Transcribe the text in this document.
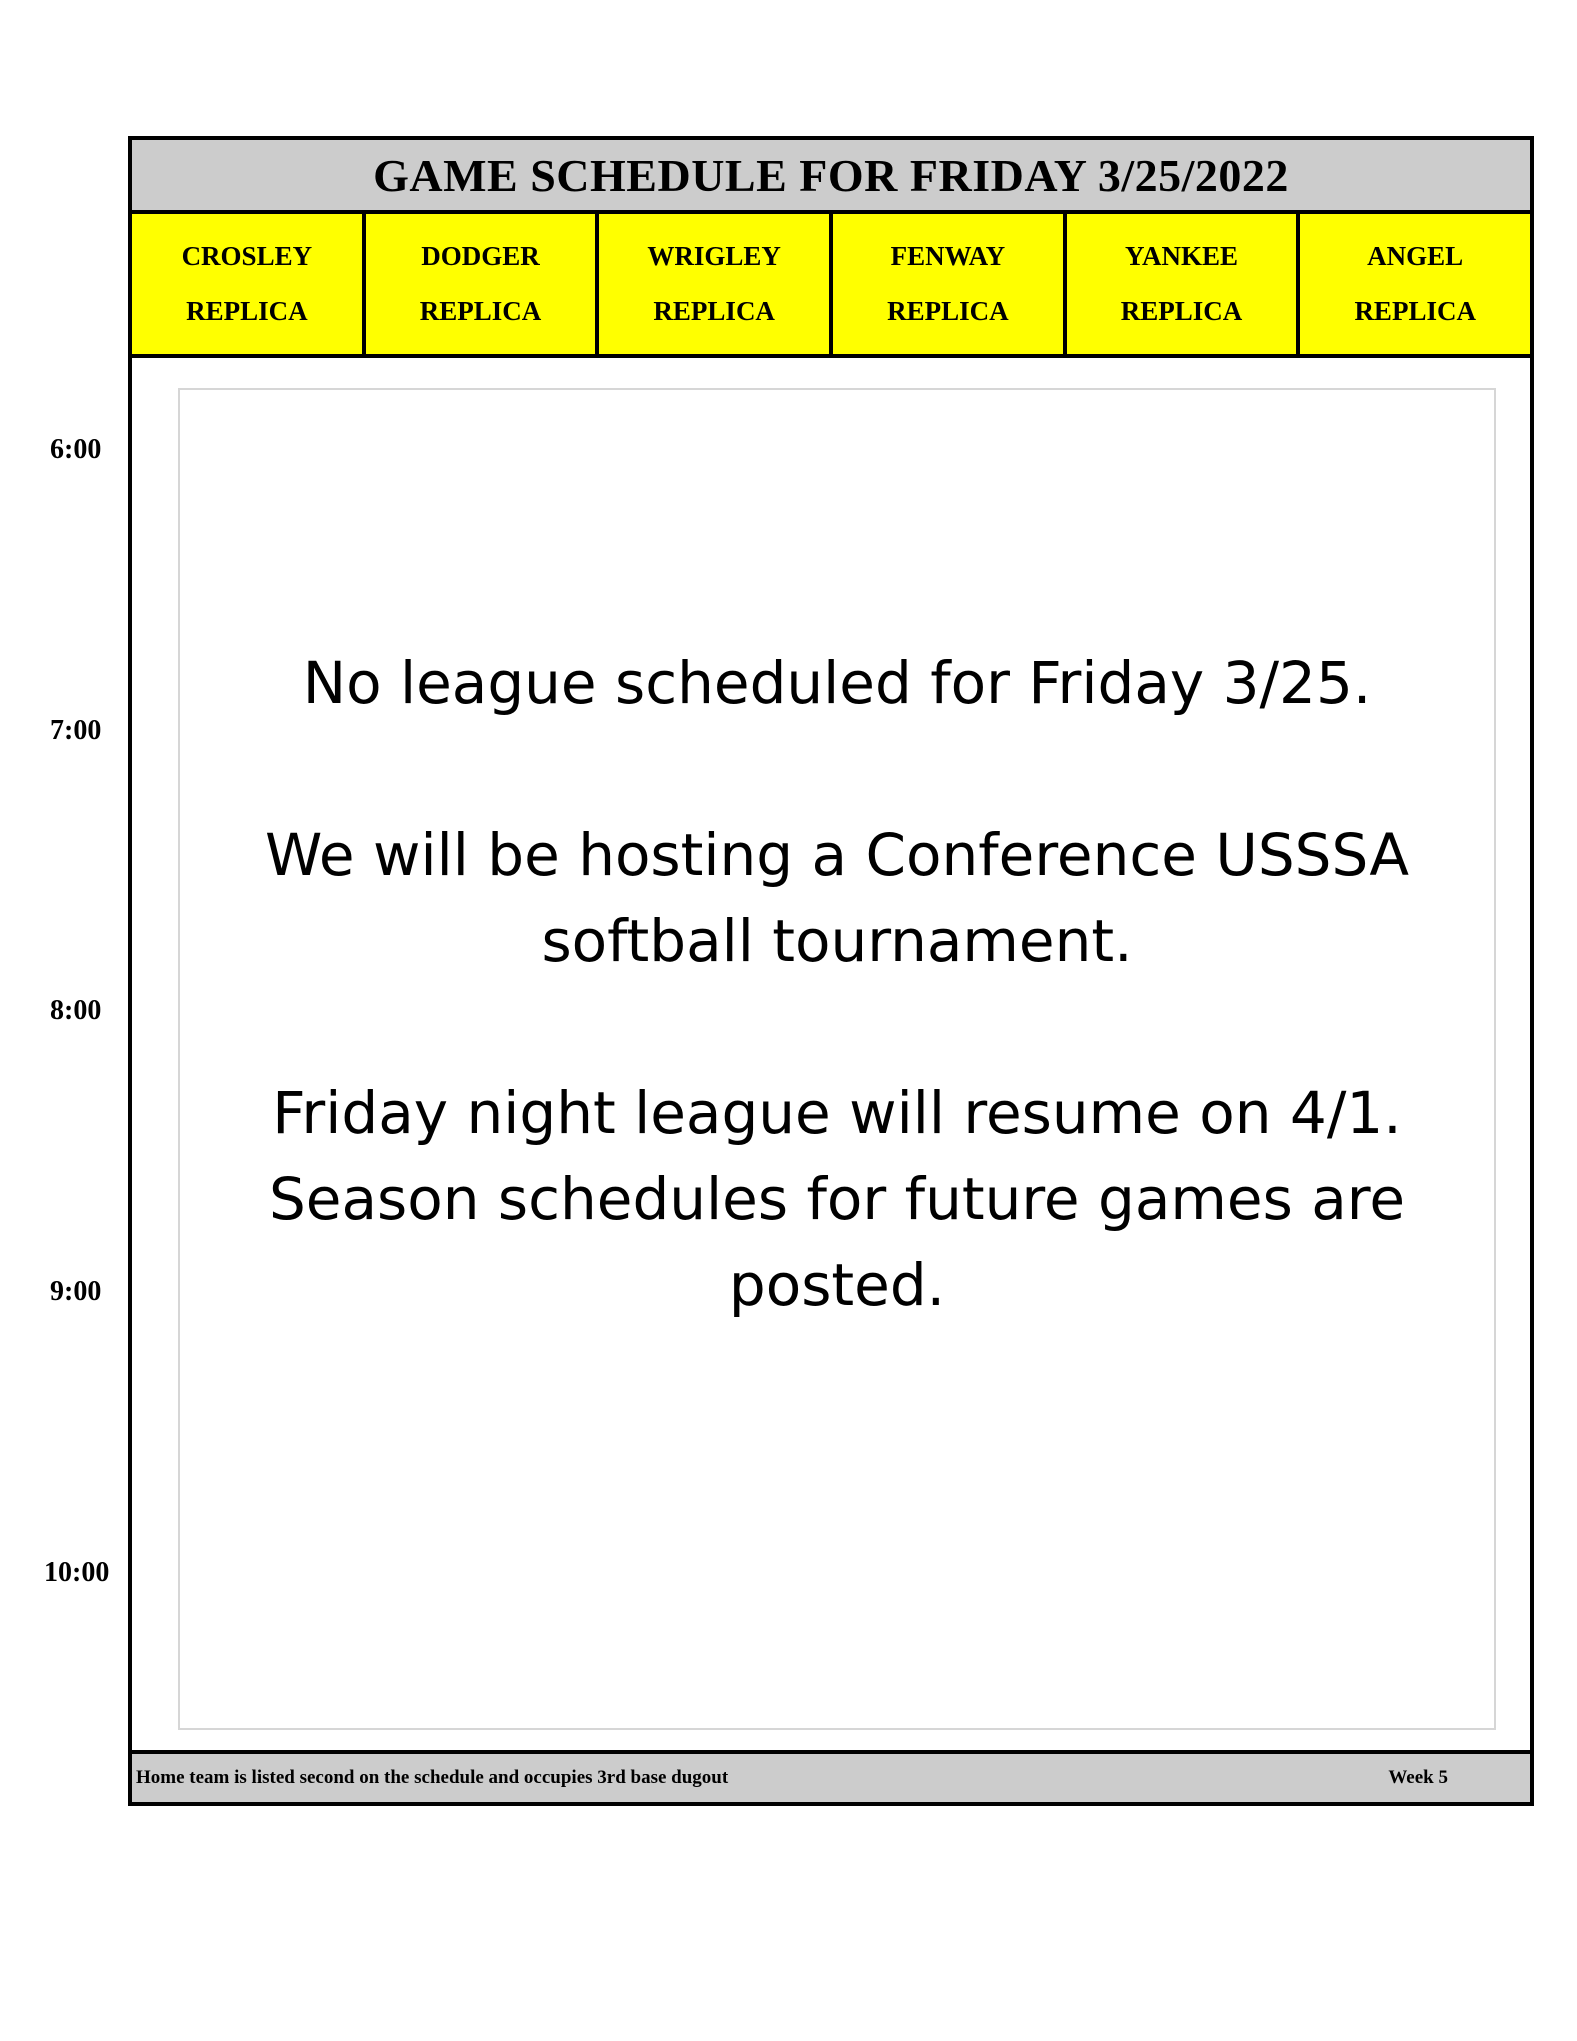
6:00
7:00
8:00
9:00
10:00
GAME SCHEDULE FOR FRIDAY 3/25/2022
CROSLEY
REPLICA
DODGER
REPLICA
WRIGLEY
REPLICA
FENWAY
REPLICA
YANKEE
REPLICA
ANGEL
REPLICA
No league scheduled for Friday 3/25.
We will be hosting a Conference USSSA
softball tournament.
Friday night league will resume on 4/1.
Season schedules for future games are
posted.
Home team is listed second on the schedule and occupies 3rd base dugout	Week 5
